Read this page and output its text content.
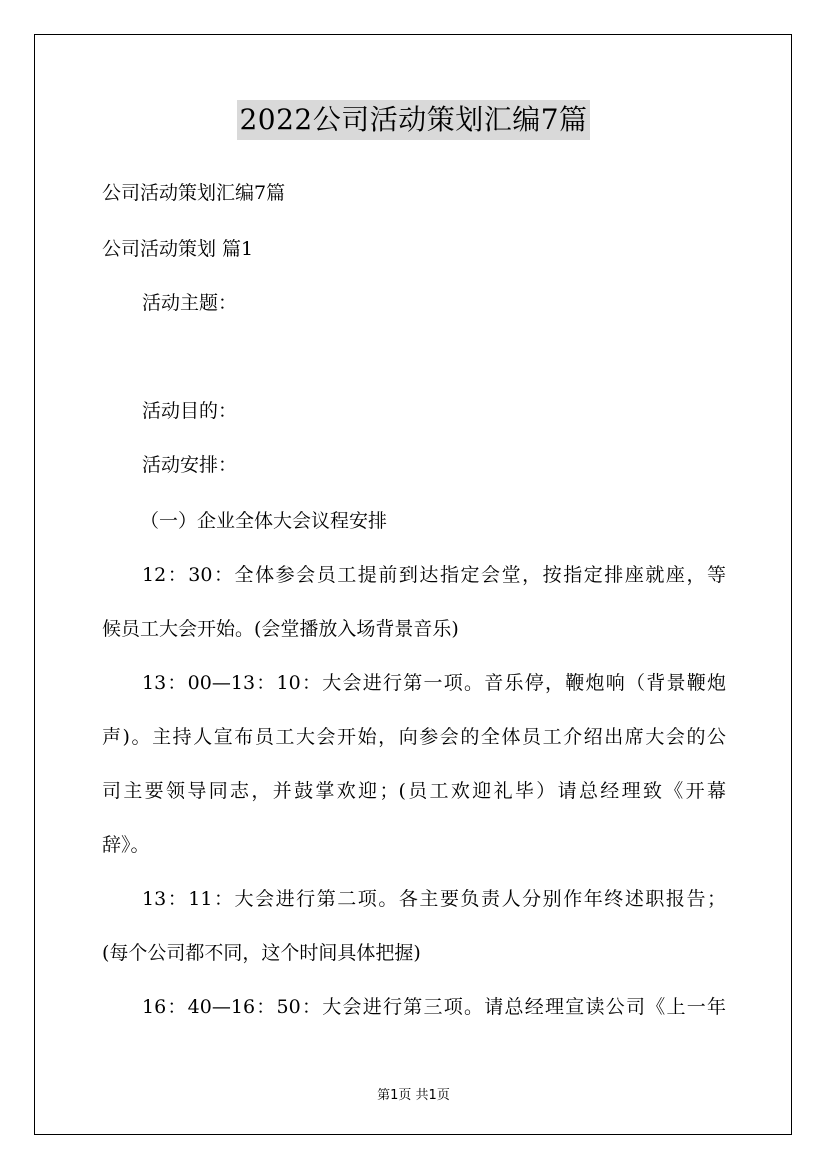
2022公司活动策划汇编7篇
公司活动策划汇编7篇
公司活动策划 篇1
活动主题：
活动目的：
活动安排：
（一）企业全体大会议程安排
12：30：全体参会员工提前到达指定会堂，按指定排座就座，等
候员工大会开始。(会堂播放入场背景音乐)
13：00—13：10：大会进行第一项。音乐停，鞭炮响（背景鞭炮
声)。主持人宣布员工大会开始，向参会的全体员工介绍出席大会的公
司主要领导同志，并鼓掌欢迎；(员工欢迎礼毕）请总经理致《开幕
辞》。
13：11：大会进行第二项。各主要负责人分别作年终述职报告；
(每个公司都不同，这个时间具体把握)
16：40—16：50：大会进行第三项。请总经理宣读公司《上一年
第1页 共1页
